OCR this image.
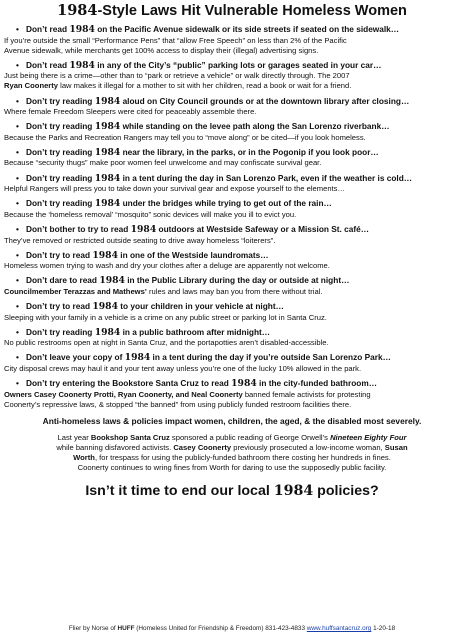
1984-Style Laws Hit Vulnerable Homeless Women
• Don’t read 1984 on the Pacific Avenue sidewalk or its side streets if seated on the sidewalk…
If you’re outside the small “Performance Pens” that “allow Free Speech” on less than 2% of the Pacific
Avenue sidewalk, while merchants get 100% access to display their (illegal) advertising signs.
• Don’t read 1984 in any of the City’s “public” parking lots or garages seated in your car…
Just being there is a crime—other than to “park or retrieve a vehicle” or walk directly through. The 2007
Ryan Coonerty law makes it illegal for a mother to sit with her children, read a book or wait for a friend.
• Don’t try reading 1984 aloud on City Council grounds or at the downtown library after closing…
Where female Freedom Sleepers were cited for peaceably assemble there.
• Don’t try reading 1984 while standing on the levee path along the San Lorenzo riverbank…
Because the Parks and Recreation Rangers may tell you to “move along” or be cited—if you look homeless.
• Don’t try reading 1984 near the library, in the parks, or in the Pogonip if you look poor…
Because “security thugs” make poor women feel unwelcome and may confiscate survival gear.
• Don’t try reading 1984 in a tent during the day in San Lorenzo Park, even if the weather is cold…
Helpful Rangers will press you to take down your survival gear and expose yourself to the elements…
• Don’t try reading 1984 under the bridges while trying to get out of the rain…
Because the ‘homeless removal’ “mosquito” sonic devices will make you ill to evict you.
• Don’t bother to try to read 1984 outdoors at Westside Safeway or a Mission St. café…
They’ve removed or restricted outside seating to drive away homeless “loiterers”.
• Don’t try to read 1984 in one of the Westside laundromats…
Homeless women trying to wash and dry your clothes after a deluge are apparently not welcome.
• Don’t dare to read 1984 in the Public Library during the day or outside at night…
Councilmember Terazzas and Mathews’ rules and laws may ban you from there without trial.
• Don’t try to read 1984 to your children in your vehicle at night…
Sleeping with your family in a vehicle is a crime on any public street or parking lot in Santa Cruz.
• Don’t try reading 1984 in a public bathroom after midnight…
No public restrooms open at night in Santa Cruz, and the portapotties aren’t disabled-accessible.
• Don’t leave your copy of 1984 in a tent during the day if you’re outside San Lorenzo Park…
City disposal crews may haul it and your tent away unless you’re one of the lucky 10% allowed in the park.
• Don’t try entering the Bookstore Santa Cruz to read 1984 in the city-funded bathroom…
Owners Casey Coonerty Protti, Ryan Coonerty, and Neal Coonerty banned female activists for protesting
Coonerty’s repressive laws, & stopped “the banned” from using publicly funded restroom facilities there.
Anti-homeless laws & policies impact women, children, the aged, & the disabled most severely.
Last year Bookshop Santa Cruz sponsored a public reading of George Orwell’s Nineteen Eighty Four
while banning disfavored activists. Casey Coonerty previously prosecuted a low-income woman, Susan
Worth, for trespass for using the publicly-funded bathroom there costing her hundreds in fines.
Coonerty continues to wring fines from Worth for daring to use the supposedly public facility.
Isn’t it time to end our local 1984 policies?
Flier by Norse of HUFF (Homeless United for Friendship & Freedom) 831-423-4833 www.huffsantacruz.org 1-20-18
